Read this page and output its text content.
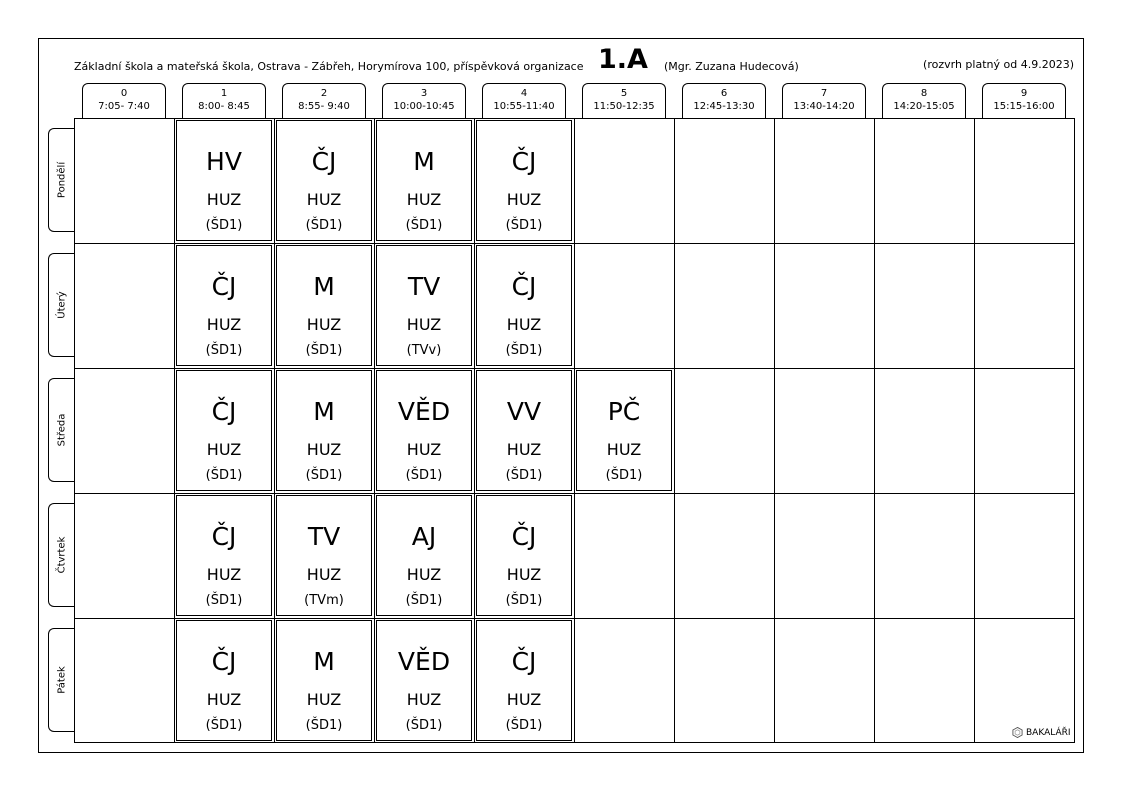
Základní škola a mateřská škola, Ostrava - Zábřeh, Horymírova 100, příspěvková organizace 1.A (Mgr. Zuzana Hudecová)	(rozvrh platný od 4.9.2023)
0
7:05- 7:40
1
8:00- 8:45
2
8:55- 9:40
3
10:00-10:45
4
10:55-11:40
5
11:50-12:35
6
12:45-13:30
7
13:40-14:20
8
14:20-15:05
9
15:15-16:00
Pondělí
Úterý
Středa
Čtvrtek
Pátek
HV
HUZ
(ŠD1)
ČJ
HUZ
(ŠD1)
M
HUZ
(ŠD1)
ČJ
HUZ
(ŠD1)
ČJ
HUZ
(ŠD1)
M
HUZ
(ŠD1)
TV
HUZ
(TVv)
ČJ
HUZ
(ŠD1)
ČJ
HUZ
(ŠD1)
M
HUZ
(ŠD1)
VĚD
HUZ
(ŠD1)
VV
HUZ
(ŠD1)
PČ
HUZ
(ŠD1)
ČJ
HUZ
(ŠD1)
TV
HUZ
(TVm)
AJ
HUZ
(ŠD1)
ČJ
HUZ
(ŠD1)
ČJ
HUZ
(ŠD1)
M
HUZ
(ŠD1)
VĚD
HUZ
(ŠD1)
ČJ
HUZ
(ŠD1)	BAKALÁŘI
